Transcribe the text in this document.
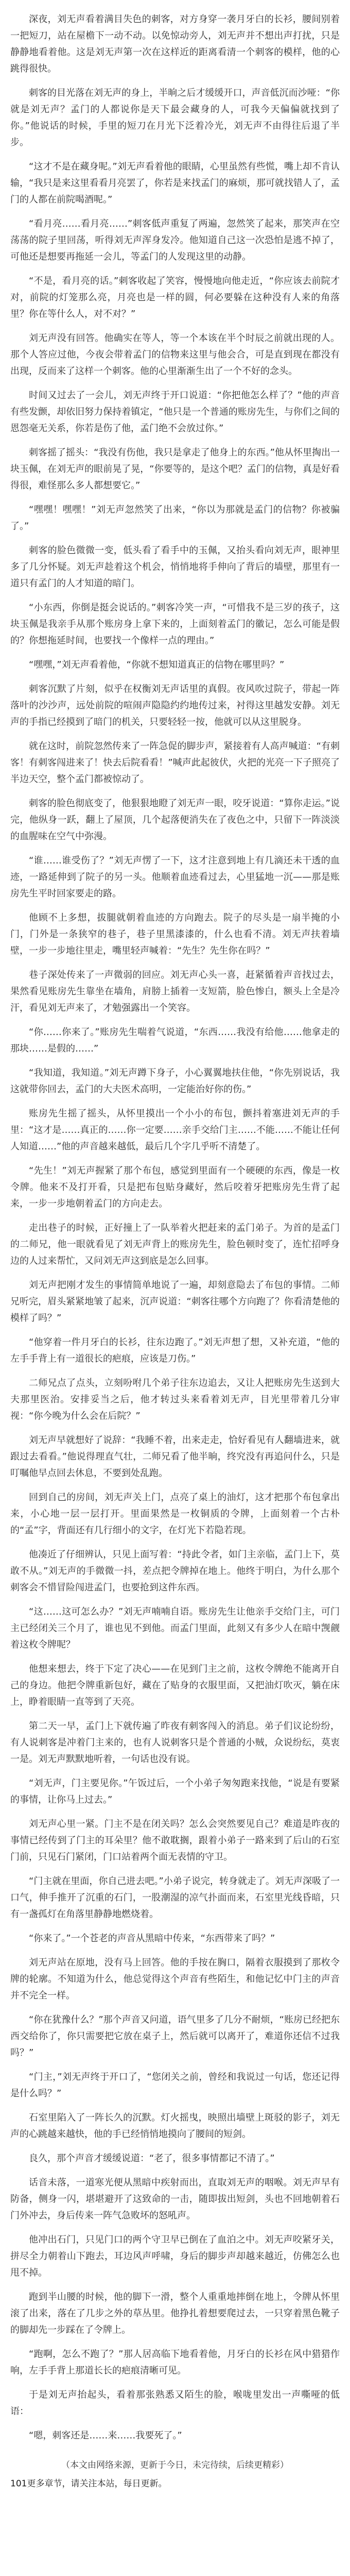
深夜，刘无声看着满目失色的刺客，对方身穿一袭月牙白的长衫，腰间别着一把短刀，站在屋檐下一动不动。以免惊动旁人，刘无声并不想出声打扰，只是静静地看着他。这是刘无声第一次在这样近的距离看清一个刺客的模样，他的心跳得很快。

刺客的目光落在刘无声的身上，半晌之后才缓缓开口，声音低沉而沙哑：“你就是刘无声？孟门的人都说你是天下最会藏身的人，可我今天偏偏就找到了你。”他说话的时候，手里的短刀在月光下泛着冷光，刘无声不由得往后退了半步。

“这才不是在藏身呢。”刘无声看着他的眼睛，心里虽然有些慌，嘴上却不肯认输，“我只是来这里看看月亮罢了，你若是来找孟门的麻烦，那可就找错人了，孟门的人都在前院喝酒呢。”

“看月亮……看月亮……”刺客低声重复了两遍，忽然笑了起来，那笑声在空荡荡的院子里回荡，听得刘无声浑身发冷。他知道自己这一次恐怕是逃不掉了，可他还是想要再拖延一会儿，等孟门的人发现这里的动静。

“不是，看月亮的话。”刺客收起了笑容，慢慢地向他走近，“你应该去前院才对，前院的灯笼那么亮，月亮也是一样的圆，何必要躲在这种没有人来的角落里？你在等什么人，对不对？”

刘无声没有回答。他确实在等人，等一个本该在半个时辰之前就出现的人。那个人答应过他，今夜会带着孟门的信物来这里与他会合，可是直到现在都没有出现，反而来了这样一个刺客。他的心里渐渐生出了一个不好的念头。

时间又过去了一会儿，刘无声终于开口说道：“你把他怎么样了？”他的声音有些发颤，却依旧努力保持着镇定，“他只是一个普通的账房先生，与你们之间的恩怨毫无关系，你若是伤了他，孟门绝不会放过你。”

刺客摇了摇头：“我没有伤他，我只是拿走了他身上的东西。”他从怀里掏出一块玉佩，在刘无声的眼前晃了晃，“你要等的，是这个吧？孟门的信物，真是好看得很，难怪那么多人都想要它。”

“嘿嘿！嘿嘿！”刘无声忽然笑了出来，“你以为那就是孟门的信物？你被骗了。”

刺客的脸色微微一变，低头看了看手中的玉佩，又抬头看向刘无声，眼神里多了几分怀疑。刘无声趁着这个机会，悄悄地将手伸向了背后的墙壁，那里有一道只有孟门的人才知道的暗门。

“小东西，你倒是挺会说话的。”刺客冷笑一声，“可惜我不是三岁的孩子，这块玉佩是我亲手从那个账房身上拿下来的，上面刻着孟门的徽记，怎么可能是假的？你想拖延时间，也要找一个像样一点的理由。”

“嘿嘿，”刘无声看着他，“你就不想知道真正的信物在哪里吗？”

刺客沉默了片刻，似乎在权衡刘无声话里的真假。夜风吹过院子，带起一阵落叶的沙沙声，远处前院的喧闹声隐隐约约地传过来，衬得这里越发安静。刘无声的手指已经摸到了暗门的机关，只要轻轻一按，他就可以从这里脱身。

就在这时，前院忽然传来了一阵急促的脚步声，紧接着有人高声喊道：“有刺客！有刺客闯进来了！快去后院看看！”喊声此起彼伏，火把的光亮一下子照亮了半边天空，整个孟门都被惊动了。

刺客的脸色彻底变了，他狠狠地瞪了刘无声一眼，咬牙说道：“算你走运。”说完，他纵身一跃，翻上了屋顶，几个起落便消失在了夜色之中，只留下一阵淡淡的血腥味在空气中弥漫。

“谁……谁受伤了？”刘无声愣了一下，这才注意到地上有几滴还未干透的血迹，一路延伸到了院子的另一头。他顺着血迹看过去，心里猛地一沉——那是账房先生平时回家要走的路。

他顾不上多想，拔腿就朝着血迹的方向跑去。院子的尽头是一扇半掩的小门，门外是一条狭窄的巷子，巷子里黑漆漆的，什么也看不清。刘无声扶着墙壁，一步一步地往里走，嘴里轻声喊着：“先生？先生你在吗？”

巷子深处传来了一声微弱的回应。刘无声心头一喜，赶紧循着声音找过去，果然看见账房先生靠坐在墙角，肩膀上插着一支短箭，脸色惨白，额头上全是冷汗，看见刘无声来了，才勉强露出一个笑容。

“你……你来了。”账房先生喘着气说道，“东西……我没有给他……他拿走的那块……是假的……”

“我知道，我知道。”刘无声蹲下身子，小心翼翼地扶住他，“你先别说话，我这就带你回去，孟门的大夫医术高明，一定能治好你的伤。”

账房先生摇了摇头，从怀里摸出一个小小的布包，颤抖着塞进刘无声的手里：“这才是……真正的……你一定要……亲手交给门主……不能……不能让任何人知道……”他的声音越来越低，最后几个字几乎听不清楚了。

“先生！”刘无声握紧了那个布包，感觉到里面有一个硬硬的东西，像是一枚令牌。他来不及打开看，只是把布包贴身藏好，然后咬着牙把账房先生背了起来，一步一步地朝着孟门的方向走去。

走出巷子的时候，正好撞上了一队举着火把赶来的孟门弟子。为首的是孟门的二师兄，他一眼就看见了刘无声背上的账房先生，脸色顿时变了，连忙招呼身边的人过来帮忙，又问刘无声这到底是怎么回事。

刘无声把刚才发生的事情简单地说了一遍，却刻意隐去了布包的事情。二师兄听完，眉头紧紧地皱了起来，沉声说道：“刺客往哪个方向跑了？你看清楚他的模样了吗？”

“他穿着一件月牙白的长衫，往东边跑了。”刘无声想了想，又补充道，“他的左手手背上有一道很长的疤痕，应该是刀伤。”

二师兄点了点头，立刻吩咐几个弟子往东边追去，又让人把账房先生送到大夫那里医治。安排妥当之后，他才转过头来看着刘无声，目光里带着几分审视：“你今晚为什么会在后院？”

刘无声早就想好了说辞：“我睡不着，出来走走，恰好看见有人翻墙进来，就跟过去看看。”他说得理直气壮，二师兄看了他半晌，终究没有再追问什么，只是叮嘱他早点回去休息，不要到处乱跑。

回到自己的房间，刘无声关上门，点亮了桌上的油灯，这才把那个布包拿出来，小心地一层一层打开。里面果然是一枚铜质的令牌，上面刻着一个古朴的“孟”字，背面还有几行细小的文字，在灯光下若隐若现。

他凑近了仔细辨认，只见上面写着：“持此令者，如门主亲临，孟门上下，莫敢不从。”刘无声的手微微一抖，差点把令牌掉在地上。他终于明白，为什么那个刺客会不惜冒险闯进孟门，也要抢到这件东西。

“这……这可怎么办？”刘无声喃喃自语。账房先生让他亲手交给门主，可门主已经闭关三个月了，谁也见不到他。而孟门里面，此刻又有多少人在暗中觊觎着这枚令牌呢？

他想来想去，终于下定了决心——在见到门主之前，这枚令牌绝不能离开自己的身边。他把令牌重新包好，藏在了贴身的衣服里面，又把油灯吹灭，躺在床上，睁着眼睛一直等到了天亮。

第二天一早，孟门上下就传遍了昨夜有刺客闯入的消息。弟子们议论纷纷，有人说刺客是冲着门主来的，也有人说刺客只是个普通的小贼，众说纷纭，莫衷一是。刘无声默默地听着，一句话也没有说。

“刘无声，门主要见你。”午饭过后，一个小弟子匆匆跑来找他，“说是有要紧的事情，让你马上过去。”

刘无声心里一紧。门主不是在闭关吗？怎么会突然要见自己？难道是昨夜的事情已经传到了门主的耳朵里？他不敢耽搁，跟着小弟子一路来到了后山的石室门前，只见石门紧闭，门口站着两个面无表情的守卫。

“门主就在里面，你自己进去吧。”小弟子说完，转身就走了。刘无声深吸了一口气，伸手推开了沉重的石门，一股潮湿的凉气扑面而来，石室里光线昏暗，只有一盏孤灯在角落里静静地燃烧着。

“你来了。”一个苍老的声音从黑暗中传来，“东西带来了吗？”

刘无声站在原地，没有马上回答。他的手按在胸口，隔着衣服摸到了那枚令牌的轮廓。不知道为什么，他总觉得这个声音有些陌生，和他记忆中门主的声音并不完全一样。

“你在犹豫什么？”那个声音又问道，语气里多了几分不耐烦，“账房已经把东西交给你了，你只需要把它放在桌子上，然后就可以离开了，难道你还信不过我吗？”

“门主，”刘无声终于开口了，“您闭关之前，曾经和我说过一句话，您还记得是什么吗？”

石室里陷入了一阵长久的沉默。灯火摇曳，映照出墙壁上斑驳的影子，刘无声的心跳越来越快，他的手已经悄悄地摸向了腰间的短剑。

良久，那个声音才缓缓说道：“老了，很多事情都记不清了。”

话音未落，一道寒光便从黑暗中疾射而出，直取刘无声的咽喉。刘无声早有防备，侧身一闪，堪堪避开了这致命的一击，随即拔出短剑，头也不回地朝着石门外冲去，身后传来一阵气急败坏的怒吼声。

他冲出石门，只见门口的两个守卫早已倒在了血泊之中。刘无声咬紧牙关，拼尽全力朝着山下跑去，耳边风声呼啸，身后的脚步声却越来越近，仿佛怎么也甩不掉。

跑到半山腰的时候，他的脚下一滑，整个人重重地摔倒在地上，令牌从怀里滚了出来，落在了几步之外的草丛里。他挣扎着想要爬过去，一只穿着黑色靴子的脚却先一步踩在了令牌上。

“跑啊，怎么不跑了？”那人居高临下地看着他，月牙白的长衫在风中猎猎作响，左手手背上那道长长的疤痕清晰可见。

于是刘无声抬起头，看着那张熟悉又陌生的脸，喉咙里发出一声嘶哑的低语：

“嗯，刺客还是……来……我要死了。”

（本文由网络来源，更新于今日，未完待续，后续更精彩）

101更多章节，请关注本站，每日更新。
